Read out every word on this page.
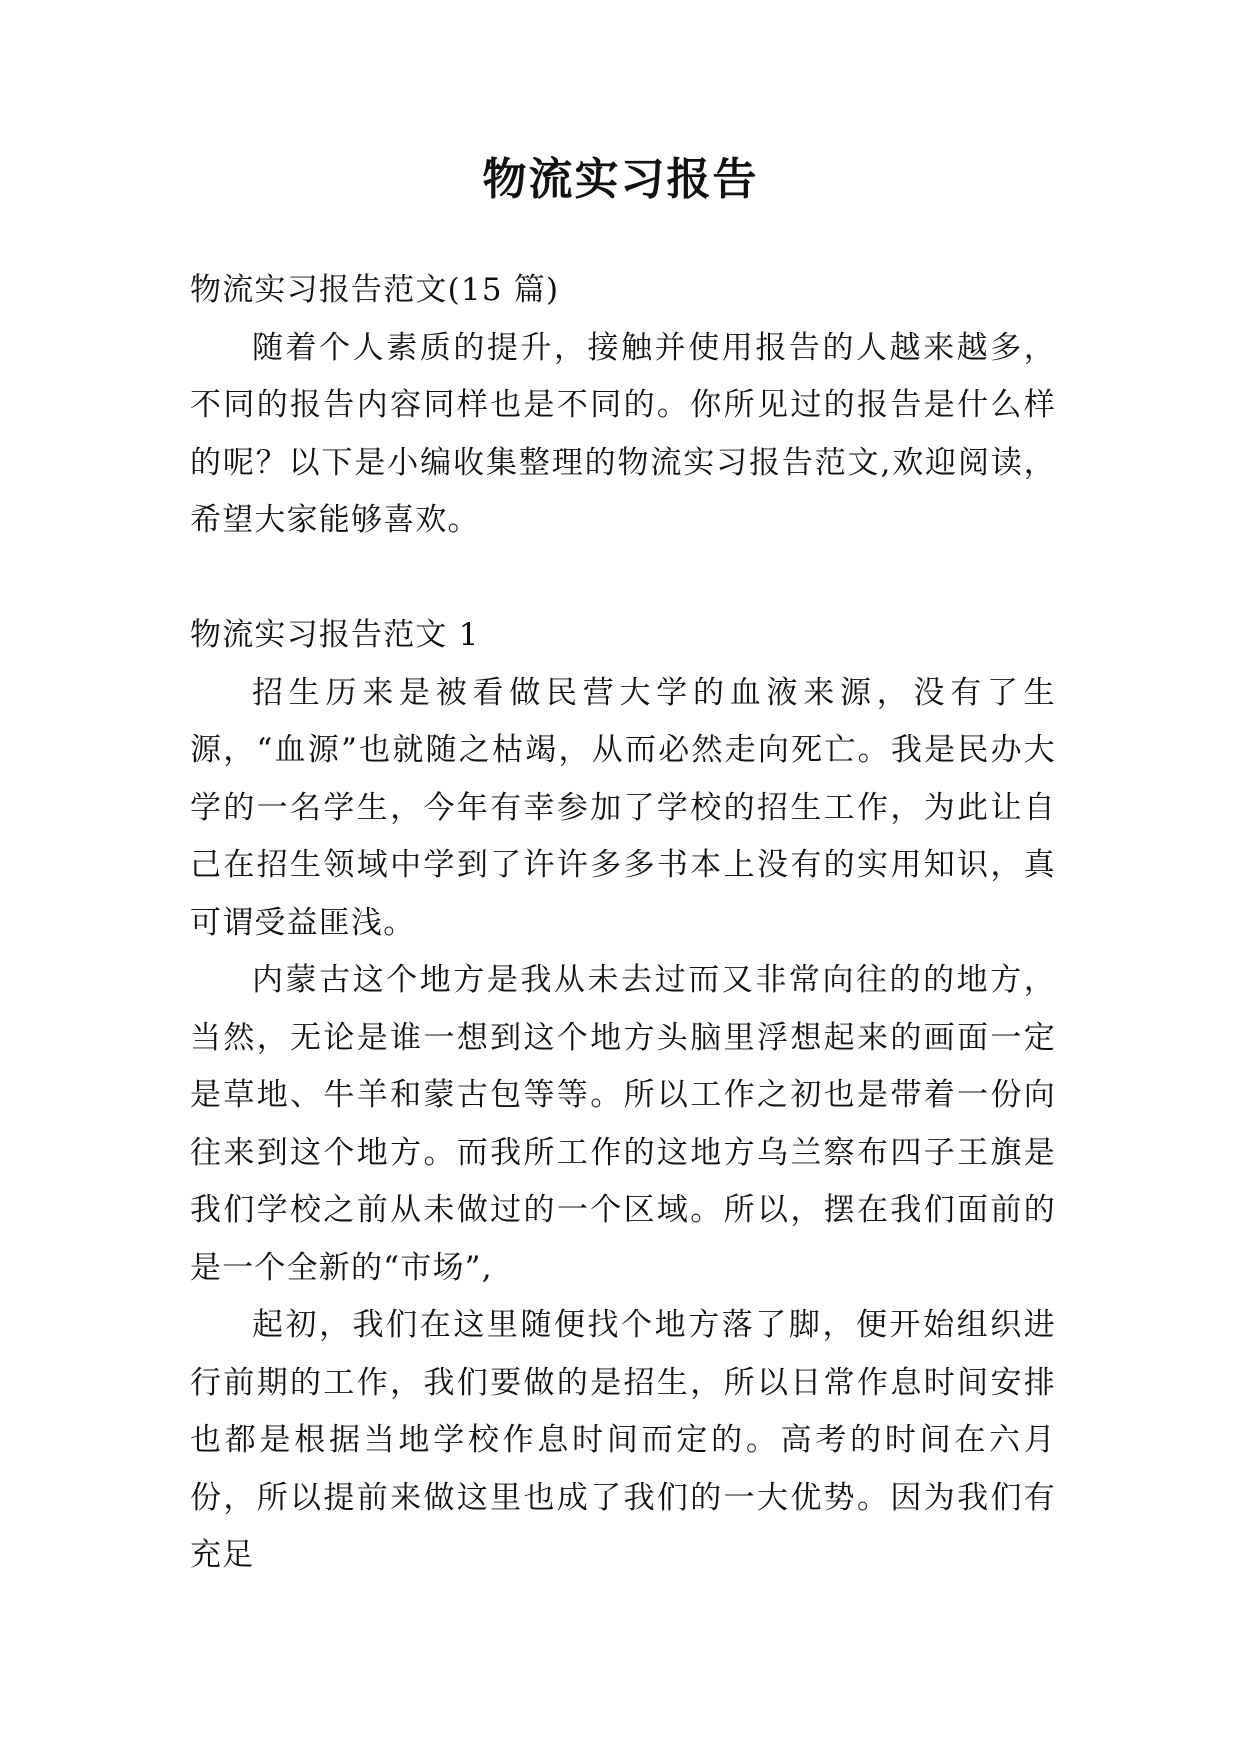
物流实习报告

物流实习报告范文(15 篇)

随着个人素质的提升，接触并使用报告的人越来越多，不同的报告内容同样也是不同的。你所见过的报告是什么样的呢？以下是小编收集整理的物流实习报告范文,欢迎阅读，希望大家能够喜欢。

物流实习报告范文 1

招生历来是被看做民营大学的血液来源，没有了生源，“血源”也就随之枯竭，从而必然走向死亡。我是民办大学的一名学生，今年有幸参加了学校的招生工作，为此让自己在招生领域中学到了许许多多书本上没有的实用知识，真可谓受益匪浅。

内蒙古这个地方是我从未去过而又非常向往的的地方，当然，无论是谁一想到这个地方头脑里浮想起来的画面一定是草地、牛羊和蒙古包等等。所以工作之初也是带着一份向往来到这个地方。而我所工作的这地方乌兰察布四子王旗是我们学校之前从未做过的一个区域。所以，摆在我们面前的是一个全新的“市场”,

起初，我们在这里随便找个地方落了脚，便开始组织进行前期的工作，我们要做的是招生，所以日常作息时间安排也都是根据当地学校作息时间而定的。高考的时间在六月份，所以提前来做这里也成了我们的一大优势。因为我们有充足
